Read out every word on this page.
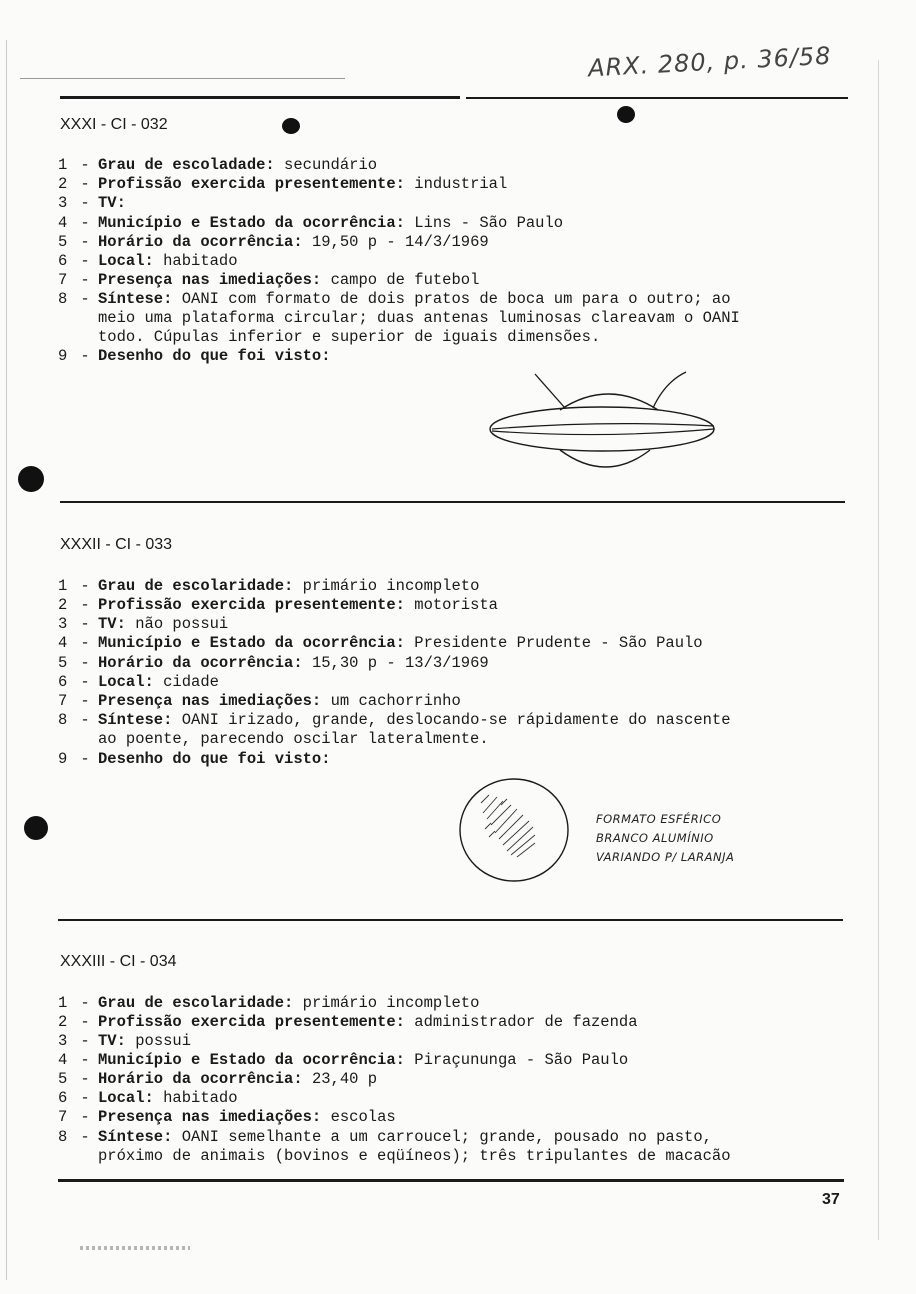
ARX. 280, p. 36/58
XXXI - CI - 032
1 - Grau de escoladade: secundário
2 - Profissão exercida presentemente: industrial
3 - TV:
4 - Município e Estado da ocorrência: Lins - São Paulo
5 - Horário da ocorrência: 19,50 p - 14/3/1969
6 - Local: habitado
7 - Presença nas imediações: campo de futebol
8 - Síntese: OANI com formato de dois pratos de boca um para o outro; ao
meio uma plataforma circular; duas antenas luminosas clareavam o OANI
todo. Cúpulas inferior e superior de iguais dimensões.
9 - Desenho do que foi visto:
XXXII - CI - 033
1 - Grau de escolaridade: primário incompleto
2 - Profissão exercida presentemente: motorista
3 - TV: não possui
4 - Município e Estado da ocorrência: Presidente Prudente - São Paulo
5 - Horário da ocorrência: 15,30 p - 13/3/1969
6 - Local: cidade
7 - Presença nas imediações: um cachorrinho
8 - Síntese: OANI irizado, grande, deslocando-se rápidamente do nascente
ao poente, parecendo oscilar lateralmente.
9 - Desenho do que foi visto:
FORMATO ESFÉRICO
BRANCO ALUMÍNIO
VARIANDO P/ LARANJA
XXXIII - CI - 034
1 - Grau de escolaridade: primário incompleto
2 - Profissão exercida presentemente: administrador de fazenda
3 - TV: possui
4 - Município e Estado da ocorrência: Piraçununga - São Paulo
5 - Horário da ocorrência: 23,40 p
6 - Local: habitado
7 - Presença nas imediações: escolas
8 - Síntese: OANI semelhante a um carroucel; grande, pousado no pasto,
próximo de animais (bovinos e eqüíneos); três tripulantes de macacão
37
